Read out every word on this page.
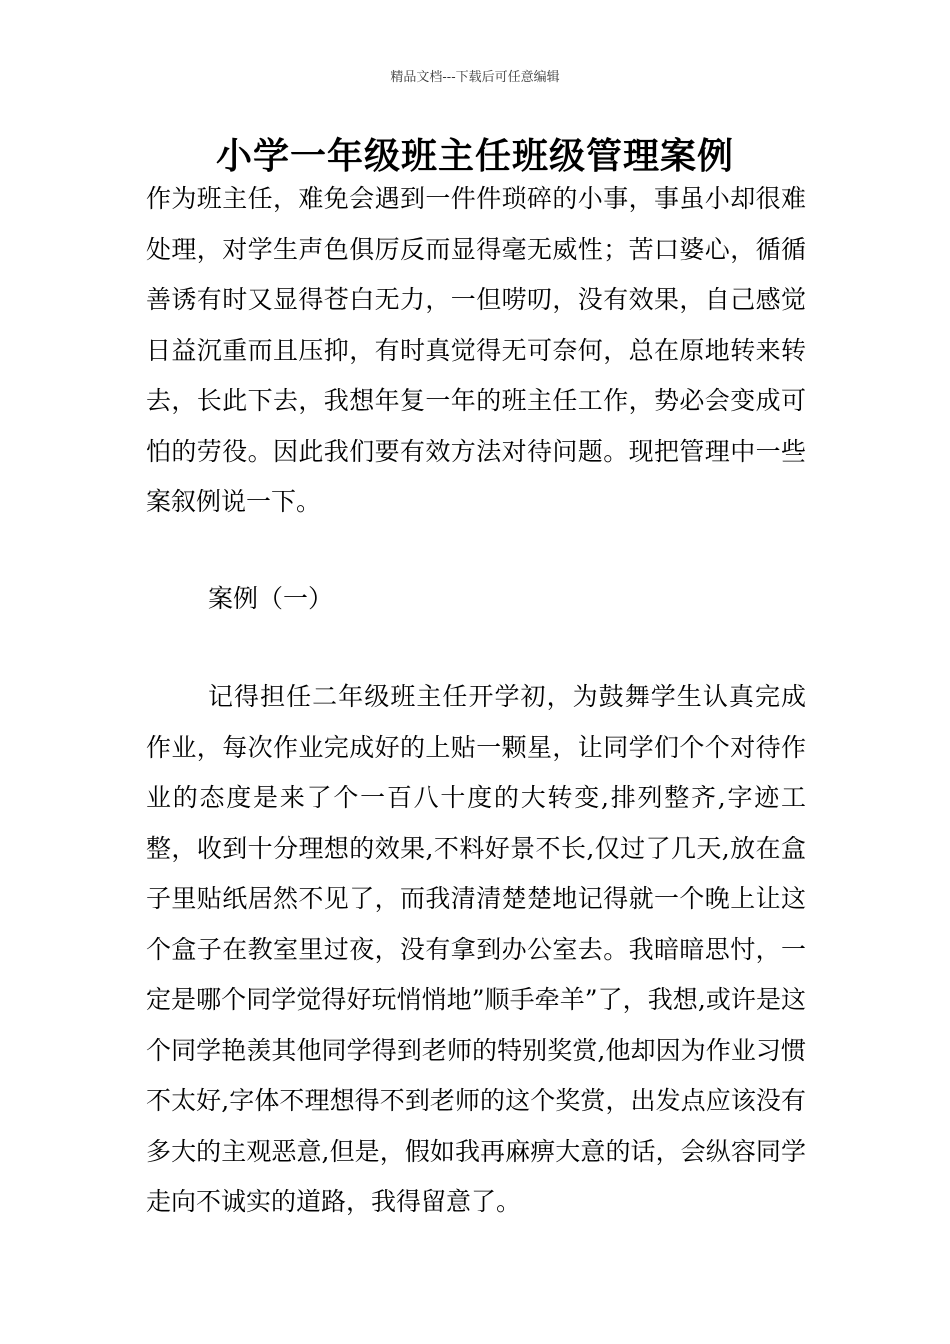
精品文档---下载后可任意编辑
小学一年级班主任班级管理案例

作为班主任，难免会遇到一件件琐碎的小事，事虽小却很难处理，对学生声色俱厉反而显得毫无威性；苦口婆心，循循善诱有时又显得苍白无力，一但唠叨，没有效果，自己感觉日益沉重而且压抑，有时真觉得无可奈何，总在原地转来转去，长此下去，我想年复一年的班主任工作，势必会变成可怕的劳役。因此我们要有效方法对待问题。现把管理中一些案叙例说一下。

案例（一）

记得担任二年级班主任开学初，为鼓舞学生认真完成作业，每次作业完成好的上贴一颗星，让同学们个个对待作业的态度是来了个一百八十度的大转变,排列整齐,字迹工整，收到十分理想的效果,不料好景不长,仅过了几天,放在盒子里贴纸居然不见了，而我清清楚楚地记得就一个晚上让这个盒子在教室里过夜，没有拿到办公室去。我暗暗思忖，一定是哪个同学觉得好玩悄悄地”顺手牵羊”了，我想,或许是这个同学艳羡其他同学得到老师的特别奖赏,他却因为作业习惯不太好,字体不理想得不到老师的这个奖赏，出发点应该没有多大的主观恶意,但是，假如我再麻痹大意的话，会纵容同学走向不诚实的道路，我得留意了。
